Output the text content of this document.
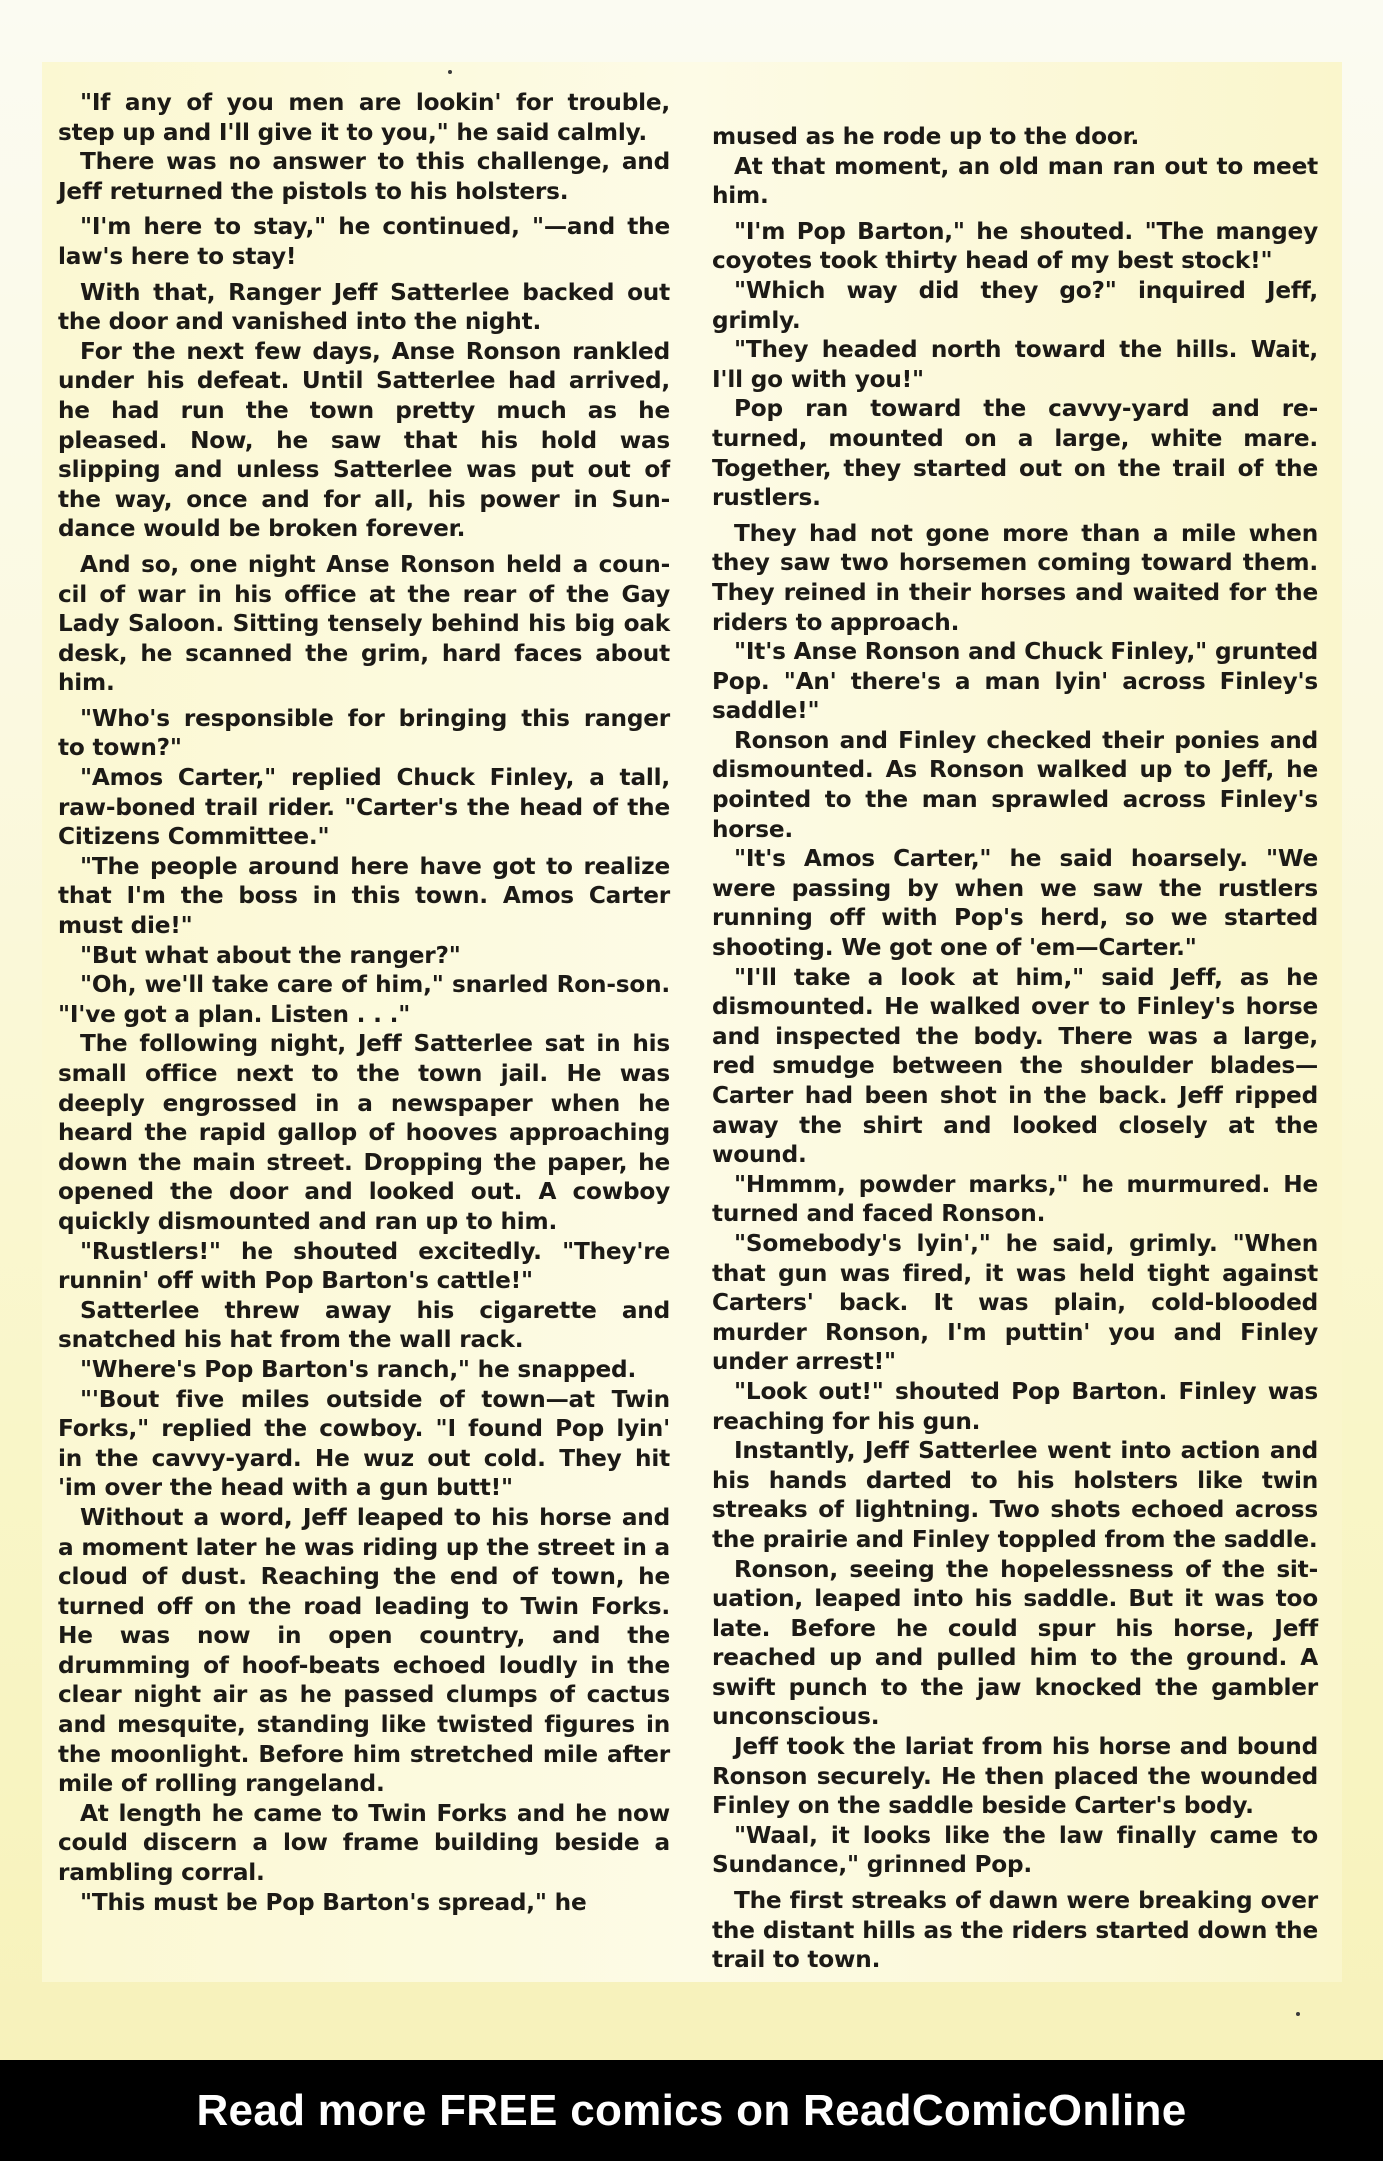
"If any of you men are lookin' for trouble, step up and I'll give it to you," he said calmly.

There was no answer to this challenge, and Jeff returned the pistols to his holsters.

"I'm here to stay," he continued, "—and the law's here to stay!

With that, Ranger Jeff Satterlee backed out the door and vanished into the night.

For the next few days, Anse Ronson rankled under his defeat. Until Satterlee had arrived, he had run the town pretty much as he pleased. Now, he saw that his hold was slipping and unless Satterlee was put out of the way, once and for all, his power in Sun-dance would be broken forever.

And so, one night Anse Ronson held a coun-cil of war in his office at the rear of the Gay Lady Saloon. Sitting tensely behind his big oak desk, he scanned the grim, hard faces about him.

"Who's responsible for bringing this ranger to town?"

"Amos Carter," replied Chuck Finley, a tall, raw-boned trail rider. "Carter's the head of the Citizens Committee."

"The people around here have got to realize that I'm the boss in this town. Amos Carter must die!"

"But what about the ranger?"

"Oh, we'll take care of him," snarled Ron-son. "I've got a plan. Listen . . ."

The following night, Jeff Satterlee sat in his small office next to the town jail. He was deeply engrossed in a newspaper when he heard the rapid gallop of hooves approaching down the main street. Dropping the paper, he opened the door and looked out. A cowboy quickly dismounted and ran up to him.

"Rustlers!" he shouted excitedly. "They're runnin' off with Pop Barton's cattle!"

Satterlee threw away his cigarette and snatched his hat from the wall rack.

"Where's Pop Barton's ranch," he snapped.

"'Bout five miles outside of town—at Twin Forks," replied the cowboy. "I found Pop lyin' in the cavvy-yard. He wuz out cold. They hit 'im over the head with a gun butt!"

Without a word, Jeff leaped to his horse and a moment later he was riding up the street in a cloud of dust. Reaching the end of town, he turned off on the road leading to Twin Forks. He was now in open country, and the drumming of hoof-beats echoed loudly in the clear night air as he passed clumps of cactus and mesquite, standing like twisted figures in the moonlight. Before him stretched mile after mile of rolling rangeland.

At length he came to Twin Forks and he now could discern a low frame building beside a rambling corral.

"This must be Pop Barton's spread," he

mused as he rode up to the door.

At that moment, an old man ran out to meet him.

"I'm Pop Barton," he shouted. "The mangey coyotes took thirty head of my best stock!"

"Which way did they go?" inquired Jeff, grimly.

"They headed north toward the hills. Wait, I'll go with you!"

Pop ran toward the cavvy-yard and re-turned, mounted on a large, white mare. Together, they started out on the trail of the rustlers.

They had not gone more than a mile when they saw two horsemen coming toward them. They reined in their horses and waited for the riders to approach.

"It's Anse Ronson and Chuck Finley," grunted Pop. "An' there's a man lyin' across Finley's saddle!"

Ronson and Finley checked their ponies and dismounted. As Ronson walked up to Jeff, he pointed to the man sprawled across Finley's horse.

"It's Amos Carter," he said hoarsely. "We were passing by when we saw the rustlers running off with Pop's herd, so we started shooting. We got one of 'em—Carter."

"I'll take a look at him," said Jeff, as he dismounted. He walked over to Finley's horse and inspected the body. There was a large, red smudge between the shoulder blades—Carter had been shot in the back. Jeff ripped away the shirt and looked closely at the wound.

"Hmmm, powder marks," he murmured. He turned and faced Ronson.

"Somebody's lyin'," he said, grimly. "When that gun was fired, it was held tight against Carters' back. It was plain, cold-blooded murder Ronson, I'm puttin' you and Finley under arrest!"

"Look out!" shouted Pop Barton. Finley was reaching for his gun.

Instantly, Jeff Satterlee went into action and his hands darted to his holsters like twin streaks of lightning. Two shots echoed across the prairie and Finley toppled from the saddle.

Ronson, seeing the hopelessness of the sit-uation, leaped into his saddle. But it was too late. Before he could spur his horse, Jeff reached up and pulled him to the ground. A swift punch to the jaw knocked the gambler unconscious.

Jeff took the lariat from his horse and bound Ronson securely. He then placed the wounded Finley on the saddle beside Carter's body.

"Waal, it looks like the law finally came to Sundance," grinned Pop.

The first streaks of dawn were breaking over the distant hills as the riders started down the trail to town.

Read more FREE comics on ReadComicOnline
